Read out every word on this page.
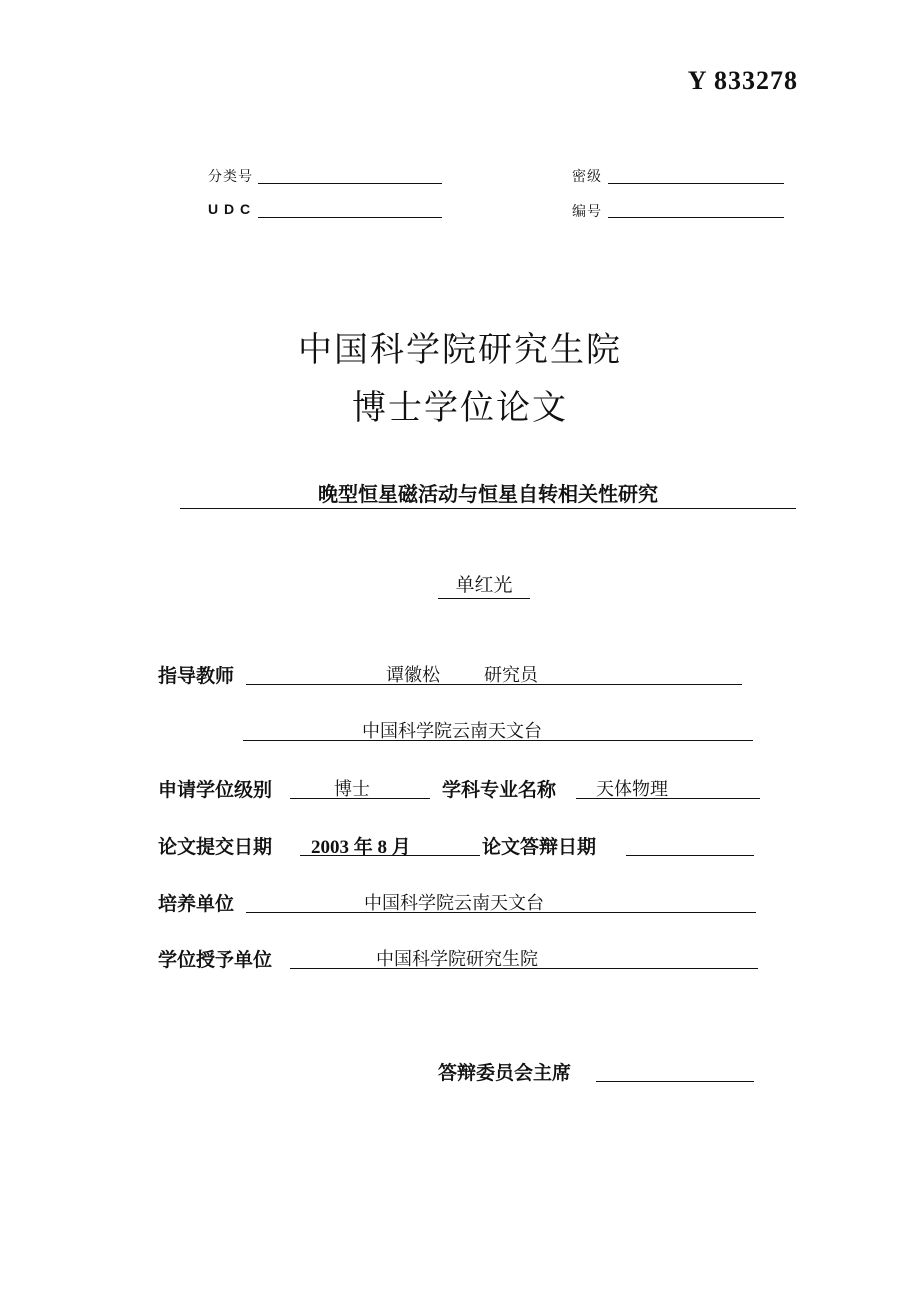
Y 833278
分类号
U D C
密级
编号
中国科学院研究生院
博士学位论文
晚型恒星磁活动与恒星自转相关性研究
单红光
指导教师	谭徽松 研究员
中国科学院云南天文台
申请学位级别	博士	学科专业名称 天体物理
论文提交日期 2003 年 8 月	论文答辩日期
培养单位	中国科学院云南天文台
学位授予单位	中国科学院研究生院
答辩委员会主席
